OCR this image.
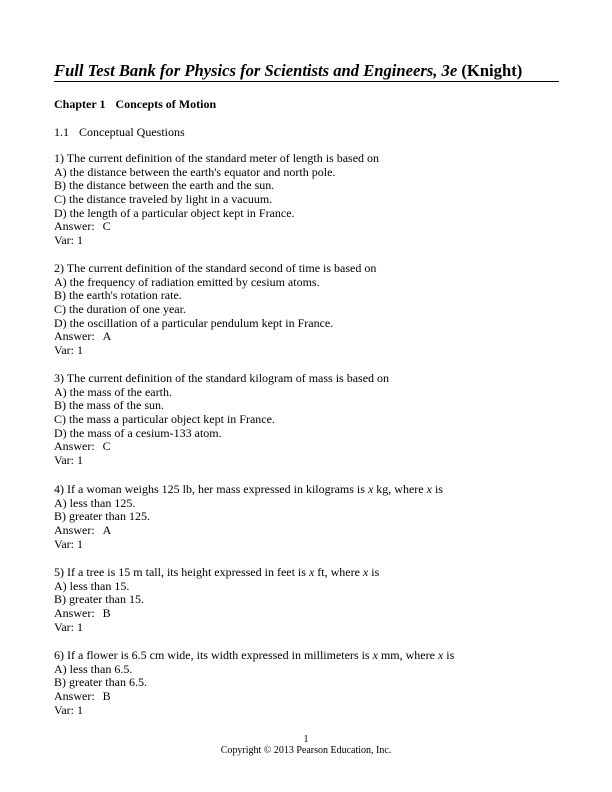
Full Test Bank for Physics for Scientists and Engineers, 3e (Knight)
Chapter 1 Concepts of Motion
1.1 Conceptual Questions
1) The current definition of the standard meter of length is based on
A) the distance between the earth's equator and north pole.
B) the distance between the earth and the sun.
C) the distance traveled by light in a vacuum.
D) the length of a particular object kept in France.
Answer: C
Var: 1
2) The current definition of the standard second of time is based on
A) the frequency of radiation emitted by cesium atoms.
B) the earth's rotation rate.
C) the duration of one year.
D) the oscillation of a particular pendulum kept in France.
Answer: A
Var: 1
3) The current definition of the standard kilogram of mass is based on
A) the mass of the earth.
B) the mass of the sun.
C) the mass a particular object kept in France.
D) the mass of a cesium-133 atom.
Answer: C
Var: 1
4) If a woman weighs 125 lb, her mass expressed in kilograms is x kg, where x is
A) less than 125.
B) greater than 125.
Answer: A
Var: 1
5) If a tree is 15 m tall, its height expressed in feet is x ft, where x is
A) less than 15.
B) greater than 15.
Answer: B
Var: 1
6) If a flower is 6.5 cm wide, its width expressed in millimeters is x mm, where x is
A) less than 6.5.
B) greater than 6.5.
Answer: B
Var: 1
1
Copyright © 2013 Pearson Education, Inc.
